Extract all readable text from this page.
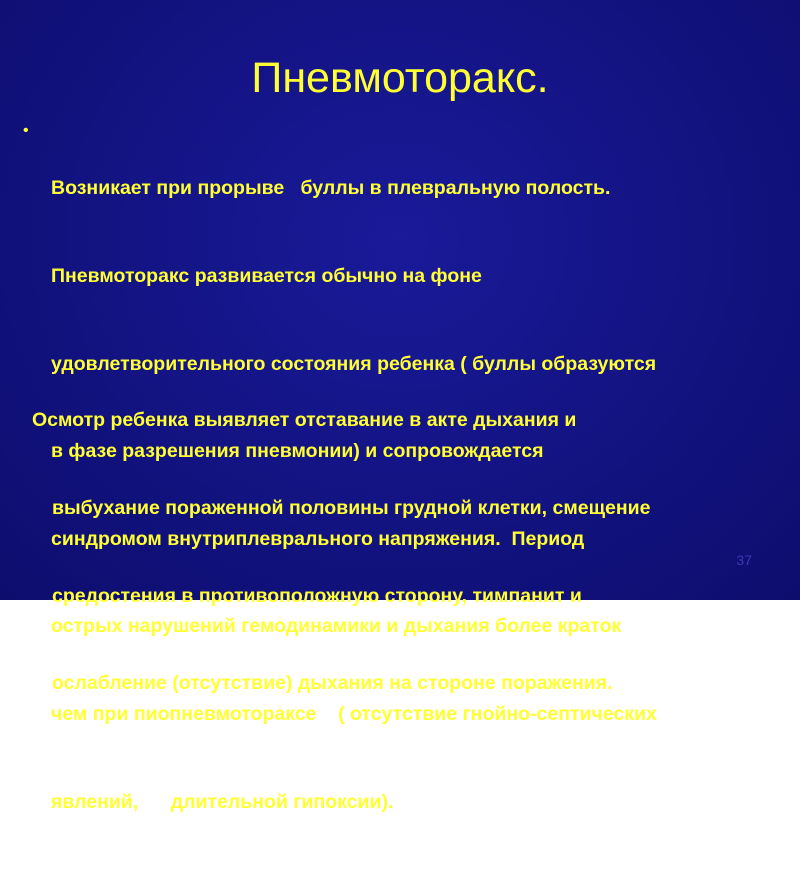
Пневмоторакс.
•

Возникает при прорыве   буллы в плевральную полость.

Пневмоторакс развивается обычно на фоне

удовлетворительного состояния ребенка ( буллы образуются

в фазе разрешения пневмонии) и сопровождается

синдромом внутриплеврального напряжения.  Период

острых нарушений гемодинамики и дыхания более краток

чем при пиопневмотораксе    ( отсутствие гнойно-септических

явлений,      длительной гипоксии).

Осмотр ребенка выявляет отставание в акте дыхания и

выбухание пораженной половины грудной клетки, смещение

средостения в противоположную сторону, тимпанит и

ослабление (отсутствие) дыхания на стороне поражения.

37
